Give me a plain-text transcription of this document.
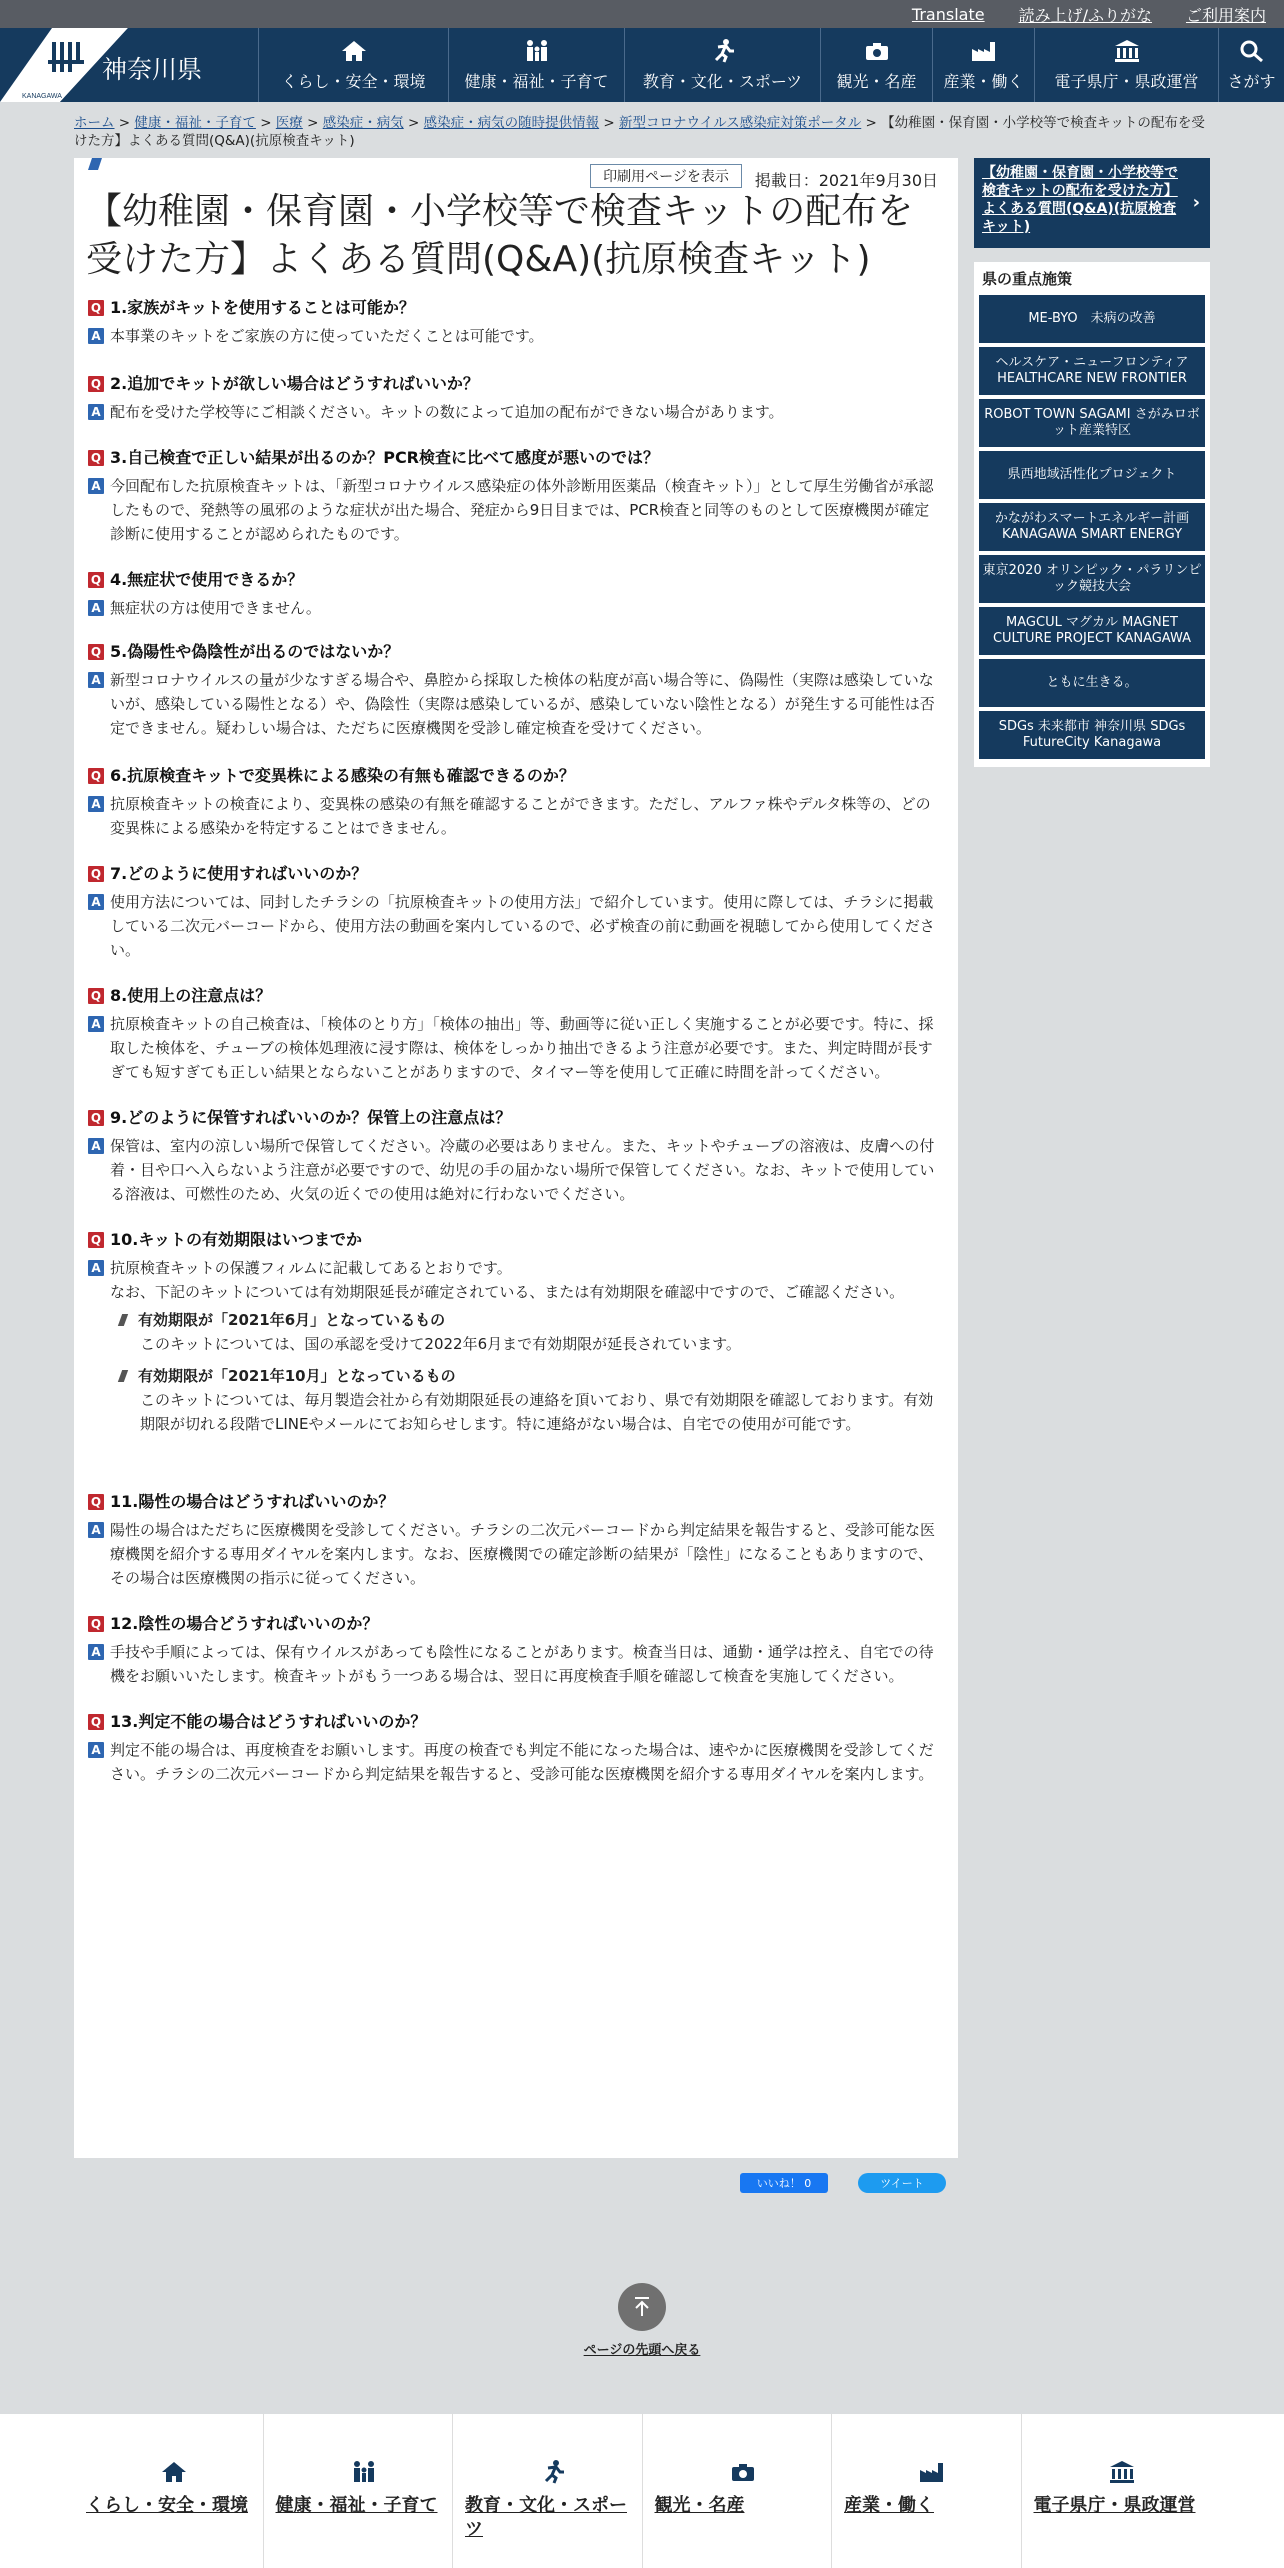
Translate 読み上げ/ふりがな ご利用案内
KANAGAWA
神奈川県	くらし・安全・環境 健康・福祉・子育て 教育・文化・スポーツ 観光・名産 産業・働く 電子県庁・県政運営 さがす
ホーム > 健康・福祉・子育て > 医療 > 感染症・病気 > 感染症・病気の随時提供情報 > 新型コロナウイルス感染症対策ポータル > 【幼稚園・保育園・小学校等で検査キットの配布を受けた方】よくある質問(Q&A)(抗原検査キット)
印刷用ページを表示	掲載日：2021年9月30日
【幼稚園・保育園・小学校等で検査キットの配布を受けた方】よくある質問(Q&A)(抗原検査キット)
Q 1.家族がキットを使用することは可能か？
A 本事業のキットをご家族の方に使っていただくことは可能です。
Q 2.追加でキットが欲しい場合はどうすればいいか？
A 配布を受けた学校等にご相談ください。キットの数によって追加の配布ができない場合があります。
Q 3.自己検査で正しい結果が出るのか？PCR検査に比べて感度が悪いのでは？
A 今回配布した抗原検査キットは、「新型コロナウイルス感染症の体外診断用医薬品（検査キット）」として厚生労働省が承認したもので、発熱等の風邪のような症状が出た場合、発症から9日目までは、PCR検査と同等のものとして医療機関が確定診断に使用することが認められたものです。
Q 4.無症状で使用できるか？
A 無症状の方は使用できません。
Q 5.偽陽性や偽陰性が出るのではないか？
A 新型コロナウイルスの量が少なすぎる場合や、鼻腔から採取した検体の粘度が高い場合等に、偽陽性（実際は感染していないが、感染している陽性となる）や、偽陰性（実際は感染しているが、感染していない陰性となる）が発生する可能性は否定できません。疑わしい場合は、ただちに医療機関を受診し確定検査を受けてください。
Q 6.抗原検査キットで変異株による感染の有無も確認できるのか？
A 抗原検査キットの検査により、変異株の感染の有無を確認することができます。ただし、アルファ株やデルタ株等の、どの変異株による感染かを特定することはできません。
Q 7.どのように使用すればいいのか？
A 使用方法については、同封したチラシの「抗原検査キットの使用方法」で紹介しています。使用に際しては、チラシに掲載している二次元バーコードから、使用方法の動画を案内しているので、必ず検査の前に動画を視聴してから使用してください。
Q 8.使用上の注意点は？
A 抗原検査キットの自己検査は、「検体のとり方」「検体の抽出」等、動画等に従い正しく実施することが必要です。特に、採取した検体を、チューブの検体処理液に浸す際は、検体をしっかり抽出できるよう注意が必要です。また、判定時間が長すぎても短すぎても正しい結果とならないことがありますので、タイマー等を使用して正確に時間を計ってください。
Q 9.どのように保管すればいいのか？保管上の注意点は？
A 保管は、室内の涼しい場所で保管してください。冷蔵の必要はありません。また、キットやチューブの溶液は、皮膚への付着・目や口へ入らないよう注意が必要ですので、幼児の手の届かない場所で保管してください。なお、キットで使用している溶液は、可燃性のため、火気の近くでの使用は絶対に行わないでください。
Q 10.キットの有効期限はいつまでか
A 抗原検査キットの保護フィルムに記載してあるとおりです。
なお、下記のキットについては有効期限延長が確定されている、または有効期限を確認中ですので、ご確認ください。
有効期限が「2021年6月」となっているもの
このキットについては、国の承認を受けて2022年6月まで有効期限が延長されています。
有効期限が「2021年10月」となっているもの
このキットについては、毎月製造会社から有効期限延長の連絡を頂いており、県で有効期限を確認しております。有効期限が切れる段階でLINEやメールにてお知らせします。特に連絡がない場合は、自宅での使用が可能です。
Q 11.陽性の場合はどうすればいいのか？
A 陽性の場合はただちに医療機関を受診してください。チラシの二次元バーコードから判定結果を報告すると、受診可能な医療機関を紹介する専用ダイヤルを案内します。なお、医療機関での確定診断の結果が「陰性」になることもありますので、その場合は医療機関の指示に従ってください。
Q 12.陰性の場合どうすればいいのか？
A 手技や手順によっては、保有ウイルスがあっても陰性になることがあります。検査当日は、通勤・通学は控え、自宅での待機をお願いいたします。検査キットがもう一つある場合は、翌日に再度検査手順を確認して検査を実施してください。
Q 13.判定不能の場合はどうすればいいのか？
A 判定不能の場合は、再度検査をお願いします。再度の検査でも判定不能になった場合は、速やかに医療機関を受診してください。チラシの二次元バーコードから判定結果を報告すると、受診可能な医療機関を紹介する専用ダイヤルを案内します。
【幼稚園・保育園・小学校等で検査キットの配布を受けた方】よくある質問(Q&A)(抗原検査キット)
›
県の重点施策
ME-BYO　未病の改善
ヘルスケア・ニューフロンティア HEALTHCARE NEW FRONTIER
ROBOT TOWN SAGAMI さがみロボット産業特区
県西地域活性化プロジェクト
かながわスマートエネルギー計画 KANAGAWA SMART ENERGY
東京2020 オリンピック・パラリンピック競技大会
MAGCUL マグカル MAGNET CULTURE PROJECT KANAGAWA
ともに生きる。
SDGs 未来都市 神奈川県 SDGs FutureCity Kanagawa
いいね！ 0	ツイート
ページの先頭へ戻る
くらし・安全・環境	健康・福祉・子育て	教育・文化・スポーツ
観光・名産	産業・働く	電子県庁・県政運営
